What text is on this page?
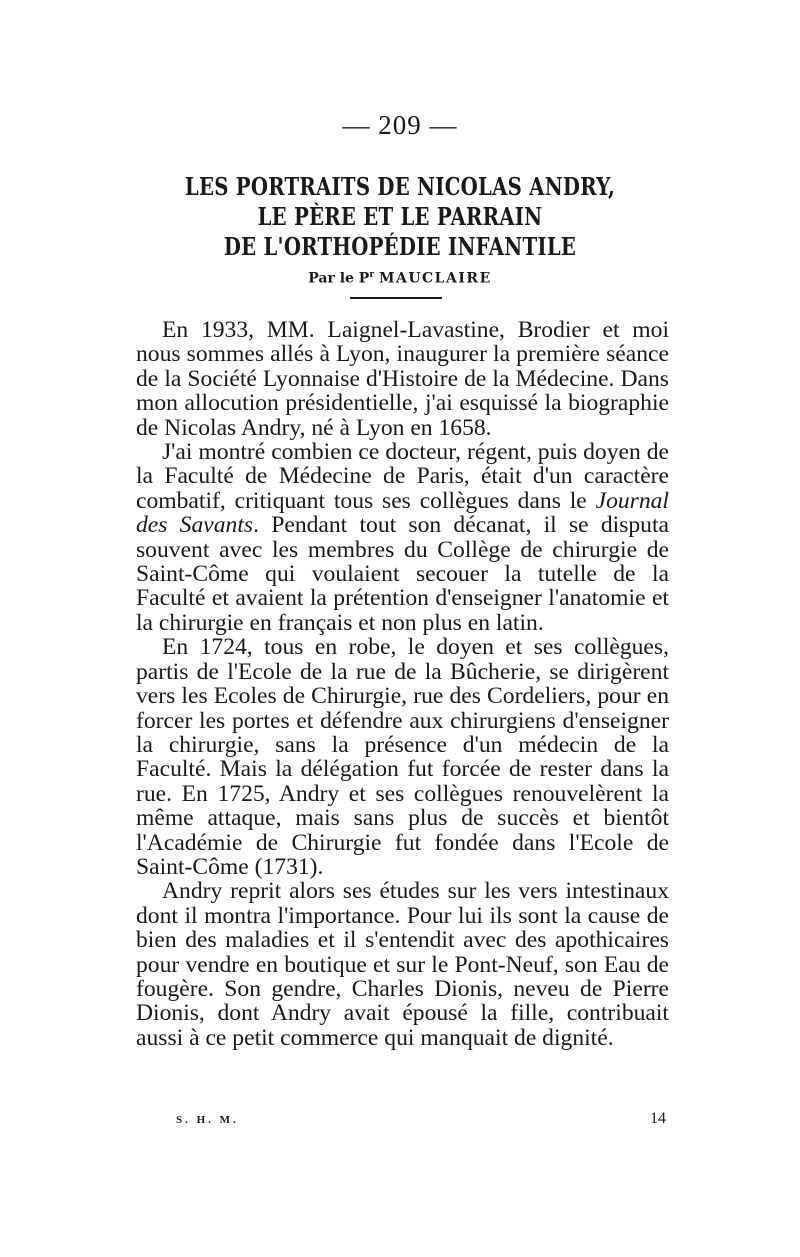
— 209 —
LES PORTRAITS DE NICOLAS ANDRY,
LE PÈRE ET LE PARRAIN
DE L'ORTHOPÉDIE INFANTILE
Par le $P^r$ MAUCLAIRE

En 1933, MM. Laignel-Lavastine, Brodier et moi nous sommes allés à Lyon, inaugurer la première séance de la Société Lyonnaise d'Histoire de la Médecine. Dans mon allocution présidentielle, j'ai esquissé la biographie de Nicolas Andry, né à Lyon en 1658.

J'ai montré combien ce docteur, régent, puis doyen de la Faculté de Médecine de Paris, était d'un caractère combatif, critiquant tous ses collègues dans le Journal des Savants. Pendant tout son décanat, il se disputa souvent avec les membres du Collège de chirurgie de Saint-Côme qui voulaient secouer la tutelle de la Faculté et avaient la prétention d'enseigner l'anatomie et la chirurgie en français et non plus en latin.

En 1724, tous en robe, le doyen et ses collègues, partis de l'Ecole de la rue de la Bûcherie, se dirigèrent vers les Ecoles de Chirurgie, rue des Cordeliers, pour en forcer les portes et défendre aux chirurgiens d'enseigner la chirurgie, sans la présence d'un médecin de la Faculté. Mais la délégation fut forcée de rester dans la rue. En 1725, Andry et ses collègues renouvelèrent la même attaque, mais sans plus de succès et bientôt l'Académie de Chirurgie fut fondée dans l'Ecole de Saint-Côme (1731).

Andry reprit alors ses études sur les vers intestinaux dont il montra l'importance. Pour lui ils sont la cause de bien des maladies et il s'entendit avec des apothicaires pour vendre en boutique et sur le Pont-Neuf, son Eau de fougère. Son gendre, Charles Dionis, neveu de Pierre Dionis, dont Andry avait épousé la fille, contribuait aussi à ce petit commerce qui manquait de dignité.

S. H. M.	14
